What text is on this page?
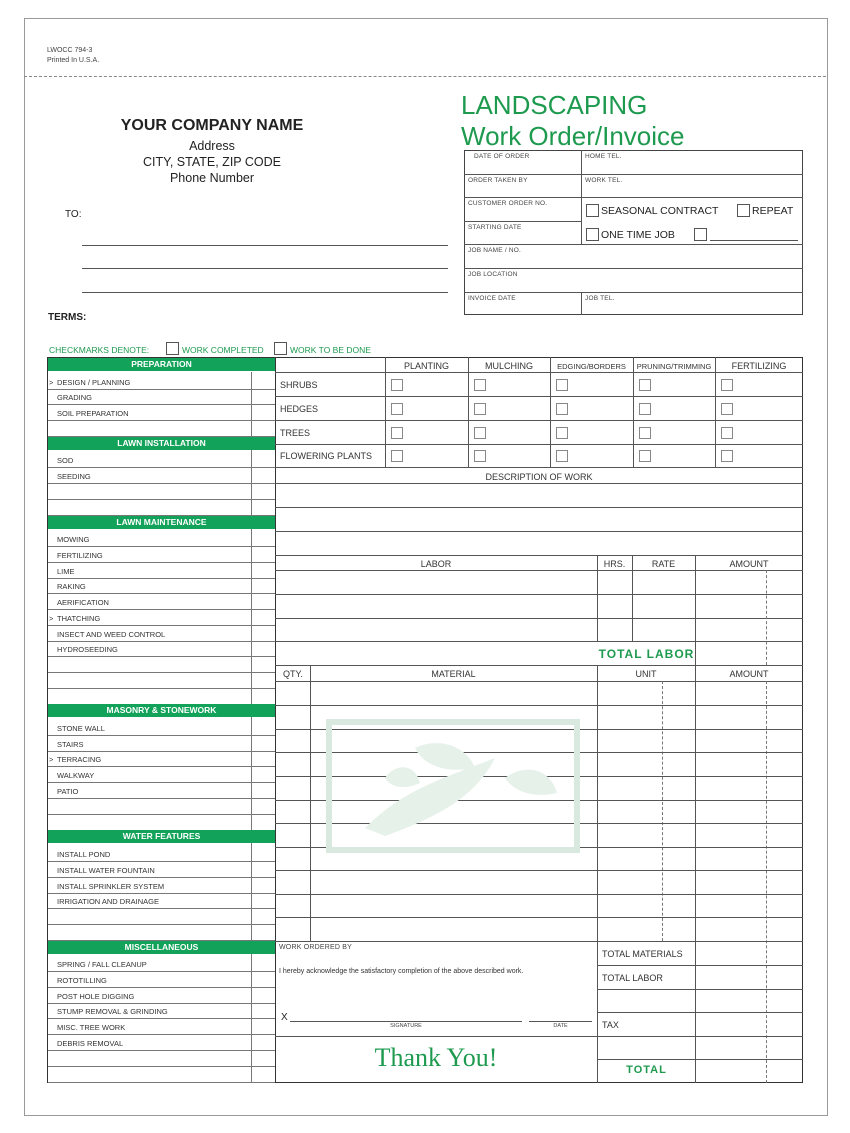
LWOCC 794-3
Printed In U.S.A.
LANDSCAPING
Work Order/Invoice
YOUR COMPANY NAME
Address
CITY, STATE, ZIP CODE
Phone Number
TO:
TERMS:
DATE OF ORDER	HOME TEL.
ORDER TAKEN BY	WORK TEL.
CUSTOMER ORDER NO.
STARTING DATE
JOB NAME / NO.
JOB LOCATION
INVOICE DATE	JOB TEL.
SEASONAL CONTRACT	REPEAT
ONE TIME JOB
CHECKMARKS DENOTE:	WORK COMPLETED	WORK TO BE DONE
PREPARATION
DESIGN / PLANNING
>
GRADING
SOIL PREPARATION
LAWN INSTALLATION
SOD
SEEDING
LAWN MAINTENANCE
MOWING
FERTILIZING
LIME
RAKING
AERIFICATION
THATCHING
>
INSECT AND WEED CONTROL
HYDROSEEDING
MASONRY & STONEWORK
STONE WALL
STAIRS
TERRACING
>
WALKWAY
PATIO
WATER FEATURES
INSTALL POND
INSTALL WATER FOUNTAIN
INSTALL SPRINKLER SYSTEM
IRRIGATION AND DRAINAGE
MISCELLANEOUS
SPRING / FALL CLEANUP
ROTOTILLING
POST HOLE DIGGING
STUMP REMOVAL & GRINDING
MISC. TREE WORK
DEBRIS REMOVAL
PLANTING	MULCHING	EDGING/BORDERS	PRUNING/TRIMMING	FERTILIZING
SHRUBS
HEDGES
TREES
FLOWERING PLANTS
DESCRIPTION OF WORK
LABOR	HRS.	RATE	AMOUNT
TOTAL LABOR
QTY.	MATERIAL	UNIT	AMOUNT
WORK ORDERED BY
I hereby acknowledge the satisfactory completion of the above described work.
X
SIGNATURE	DATE
Thank You!
TOTAL MATERIALS
TOTAL LABOR
TAX
TOTAL
